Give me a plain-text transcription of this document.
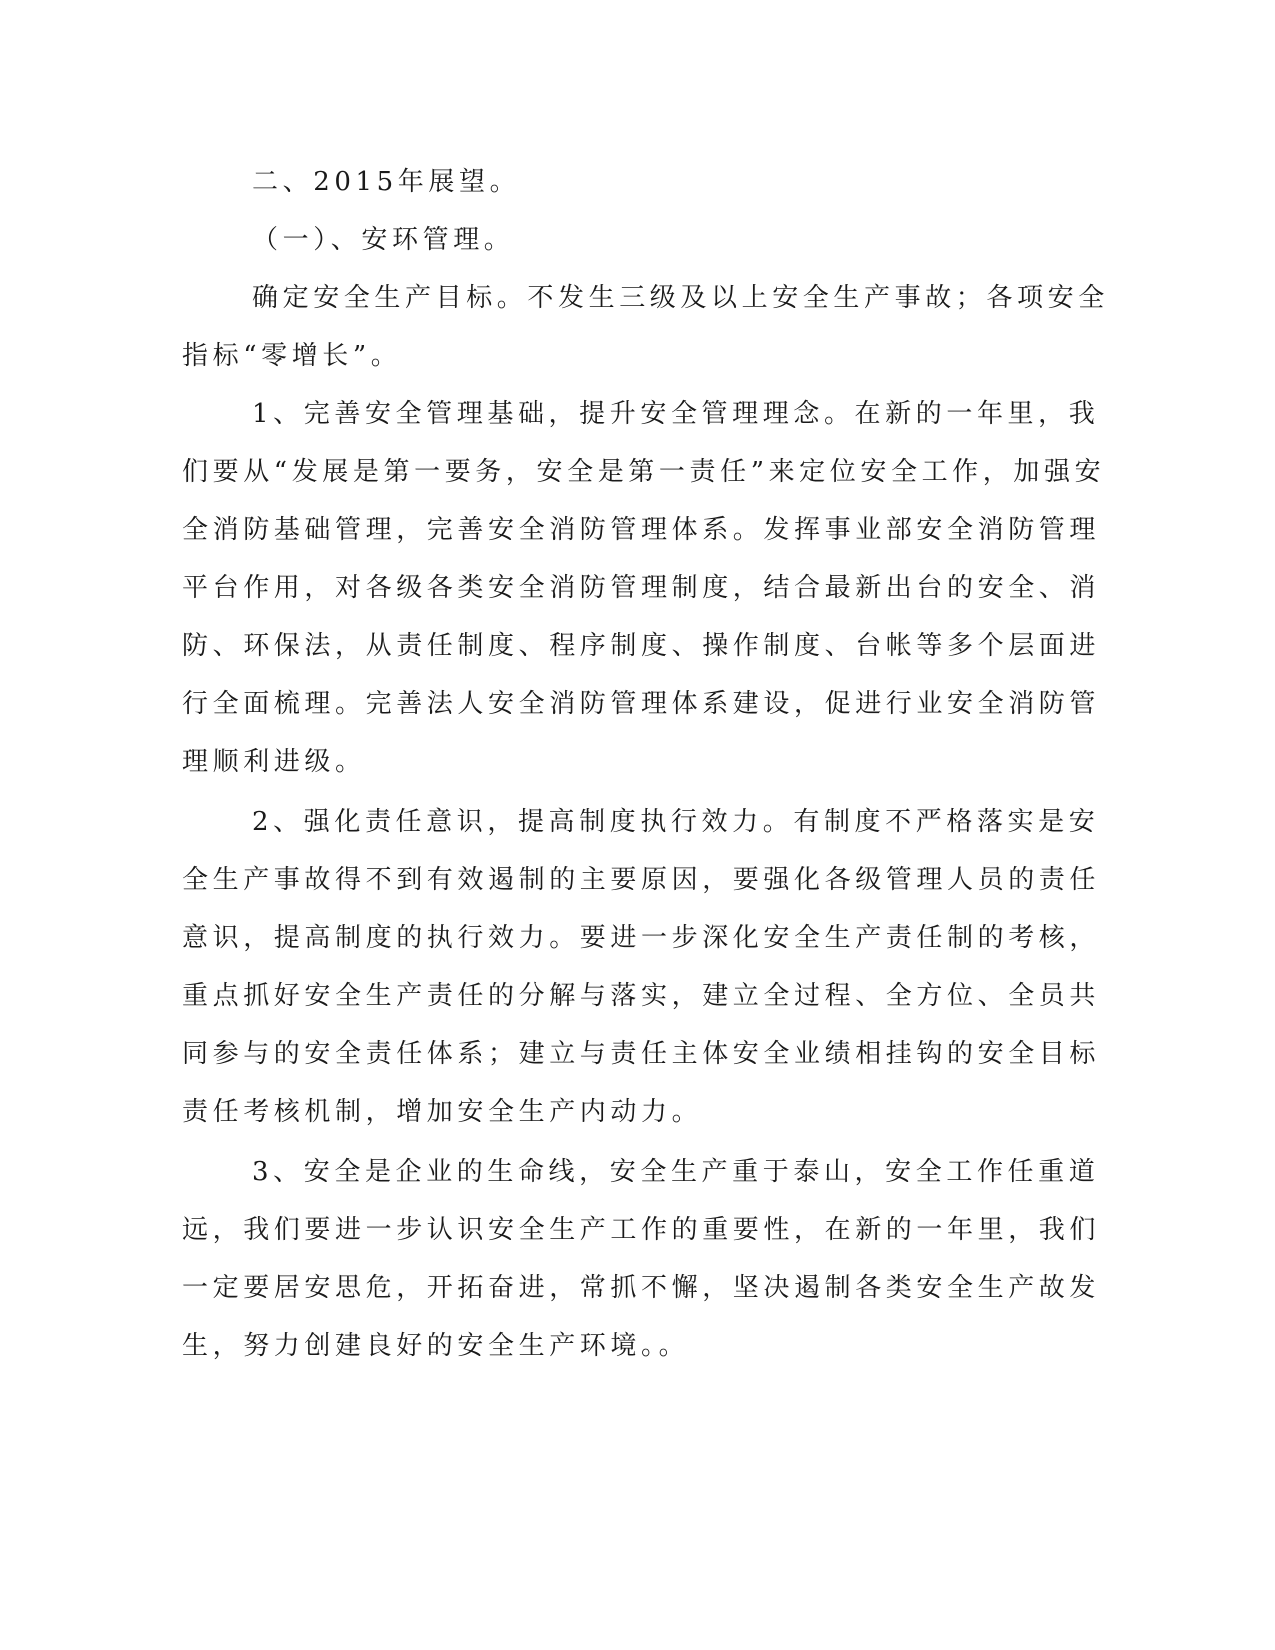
二、2015年展望。
（一）、安环管理。
确定安全生产目标。不发生三级及以上安全生产事故；各项安全
指标“零增长”。
1、完善安全管理基础，提升安全管理理念。在新的一年里，我
们要从“发展是第一要务，安全是第一责任”来定位安全工作，加强安
全消防基础管理，完善安全消防管理体系。发挥事业部安全消防管理
平台作用，对各级各类安全消防管理制度，结合最新出台的安全、消
防、环保法，从责任制度、程序制度、操作制度、台帐等多个层面进
行全面梳理。完善法人安全消防管理体系建设，促进行业安全消防管
理顺利进级。
2、强化责任意识，提高制度执行效力。有制度不严格落实是安
全生产事故得不到有效遏制的主要原因，要强化各级管理人员的责任
意识，提高制度的执行效力。要进一步深化安全生产责任制的考核，
重点抓好安全生产责任的分解与落实，建立全过程、全方位、全员共
同参与的安全责任体系；建立与责任主体安全业绩相挂钩的安全目标
责任考核机制，增加安全生产内动力。
3、安全是企业的生命线，安全生产重于泰山，安全工作任重道
远，我们要进一步认识安全生产工作的重要性，在新的一年里，我们
一定要居安思危，开拓奋进，常抓不懈，坚决遏制各类安全生产故发
生，努力创建良好的安全生产环境。。
